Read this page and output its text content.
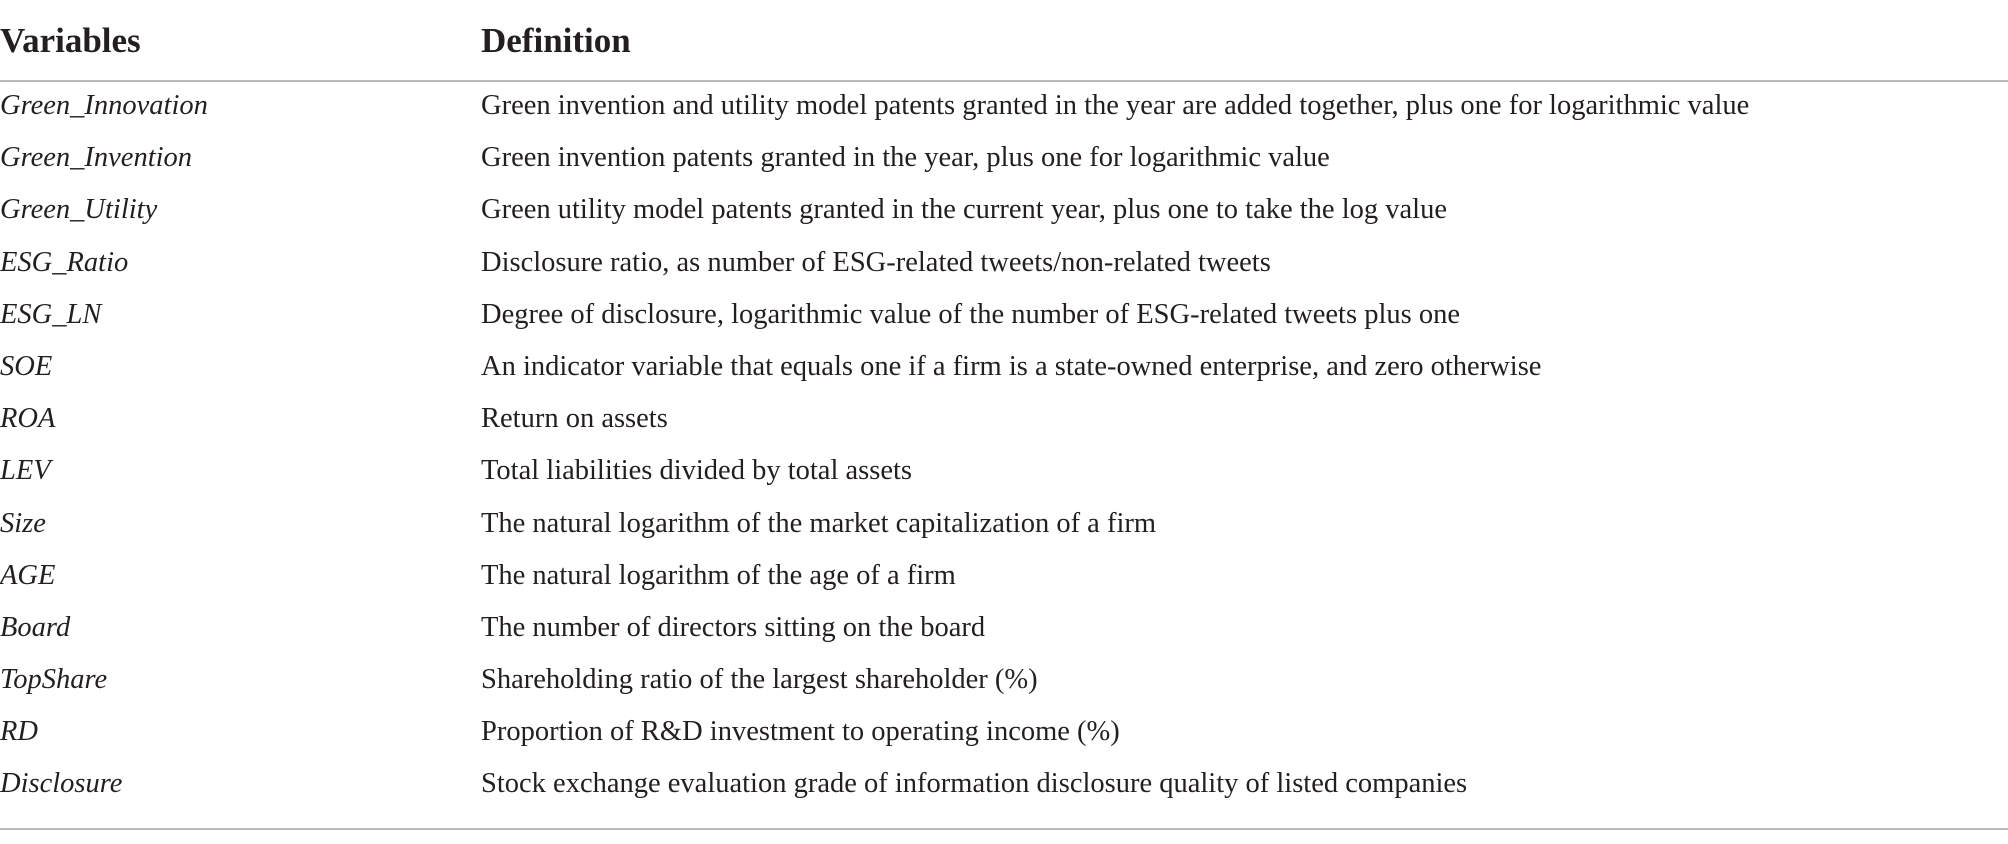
Variables	Definition
Green_Innovation	Green invention and utility model patents granted in the year are added together, plus one for logarithmic value
Green_Invention	Green invention patents granted in the year, plus one for logarithmic value
Green_Utility	Green utility model patents granted in the current year, plus one to take the log value
ESG_Ratio	Disclosure ratio, as number of ESG-related tweets/non-related tweets
ESG_LN	Degree of disclosure, logarithmic value of the number of ESG-related tweets plus one
SOE	An indicator variable that equals one if a firm is a state-owned enterprise, and zero otherwise
ROA	Return on assets
LEV	Total liabilities divided by total assets
Size	The natural logarithm of the market capitalization of a firm
AGE	The natural logarithm of the age of a firm
Board	The number of directors sitting on the board
TopShare	Shareholding ratio of the largest shareholder (%)
RD	Proportion of R&D investment to operating income (%)
Disclosure	Stock exchange evaluation grade of information disclosure quality of listed companies
